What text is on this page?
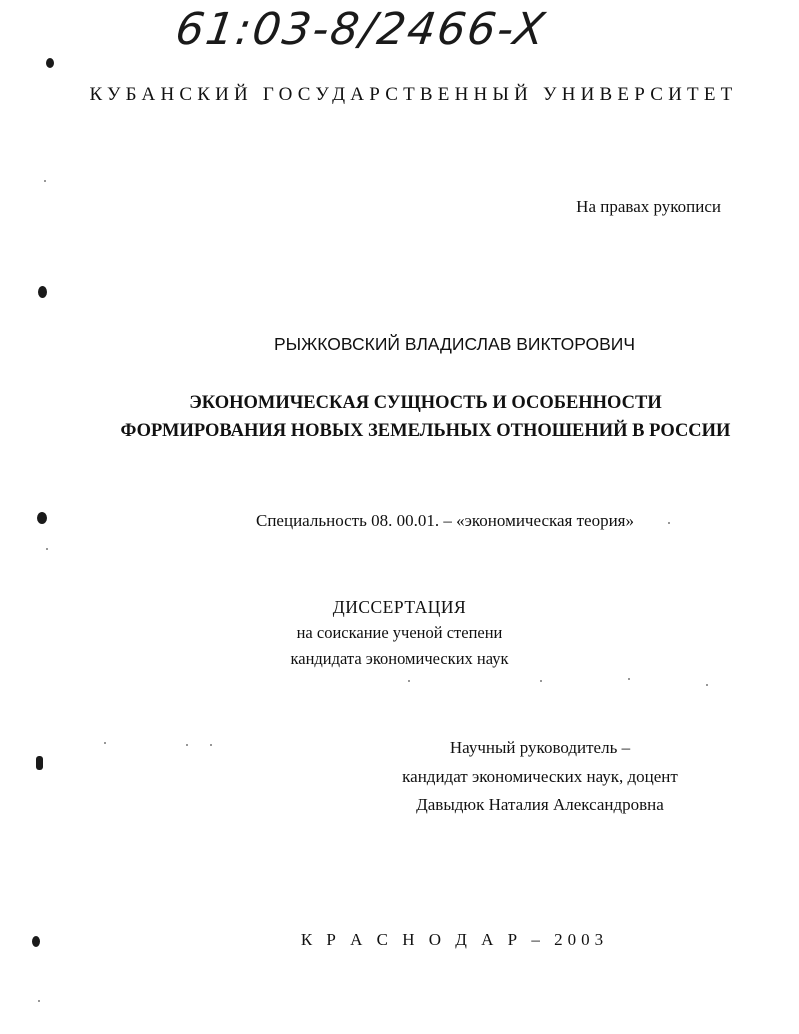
61:03-8/2466-X
КУБАНСКИЙ ГОСУДАРСТВЕННЫЙ УНИВЕРСИТЕТ
На правах рукописи
РЫЖКОВСКИЙ ВЛАДИСЛАВ ВИКТОРОВИЧ
ЭКОНОМИЧЕСКАЯ СУЩНОСТЬ И ОСОБЕННОСТИ
ФОРМИРОВАНИЯ НОВЫХ ЗЕМЕЛЬНЫХ ОТНОШЕНИЙ В РОССИИ
Специальность 08. 00.01. – «экономическая теория»
ДИССЕРТАЦИЯ
на соискание ученой степени
кандидата экономических наук
Научный руководитель –
кандидат экономических наук, доцент
Давыдюк Наталия Александровна
К Р А С Н О Д А Р – 2003
